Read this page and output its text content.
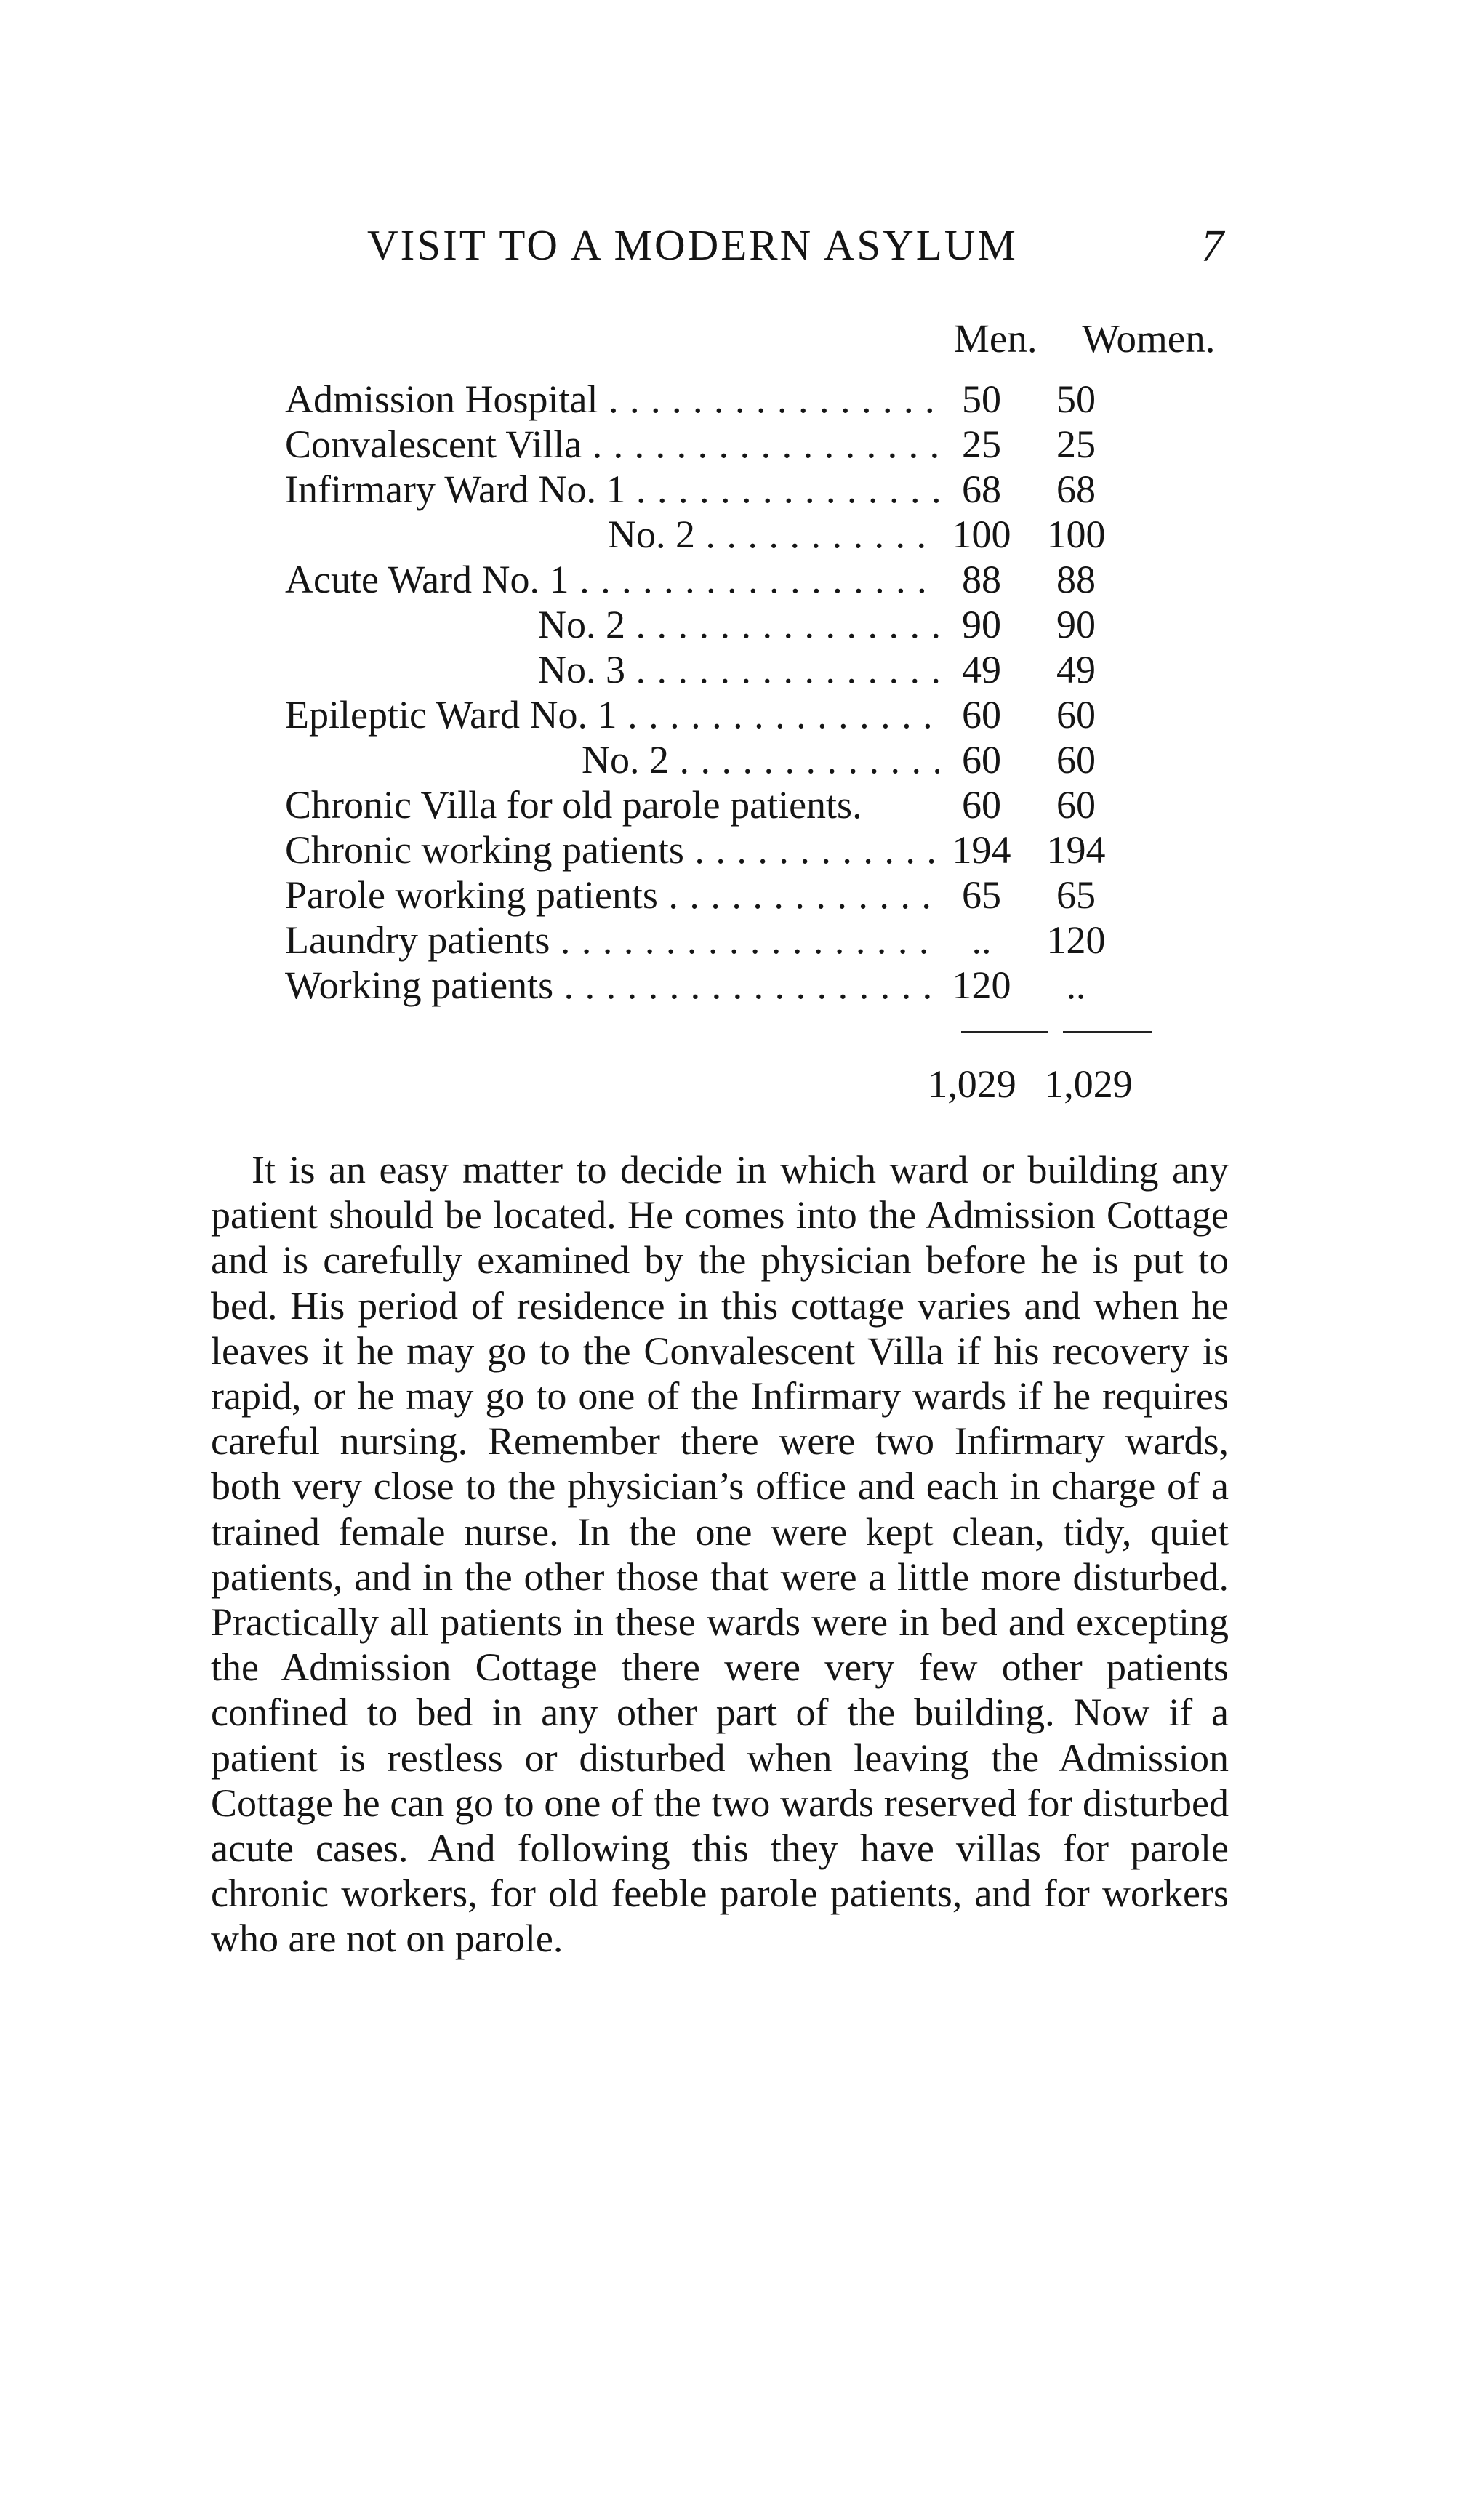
VISIT TO A MODERN ASYLUM	7
Men. Women.
Admission Hospital . . .	50	50
Convalescent Villa . . .	25	25
Infirmary Ward No. 1 . . .	68	68
No. 2 . . .	100 100
Acute Ward No. 1 . . .	88	88
No. 2 . . .	90	90
No. 3 . . .	49	49
Epileptic Ward No. 1 . . .	60	60
No. 2 . . .	60	60
Chronic Villa for old parole patients.	60	60
Chronic working patients . . .	194 194
Parole working patients . . .	65	65
Laundry patients . . .	..	120
Working patients . . .	120	..
1,029 1,029
It is an easy matter to decide in which ward or building any patient should be located. He comes into the Admission Cottage and is carefully examined by the physician before he is put to bed. His period of residence in this cottage varies and when he leaves it he may go to the Convalescent Villa if his recovery is rapid, or he may go to one of the Infirmary wards if he requires careful nursing. Remember there were two Infirmary wards, both very close to the physician’s office and each in charge of a trained female nurse. In the one were kept clean, tidy, quiet patients, and in the other those that were a little more disturbed. Practically all patients in these wards were in bed and excepting the Admission Cottage there were very few other patients confined to bed in any other part of the building. Now if a patient is restless or disturbed when leaving the Admission Cottage he can go to one of the two wards reserved for disturbed acute cases. And following this they have villas for parole chronic workers, for old feeble parole patients, and for workers who are not on parole.
